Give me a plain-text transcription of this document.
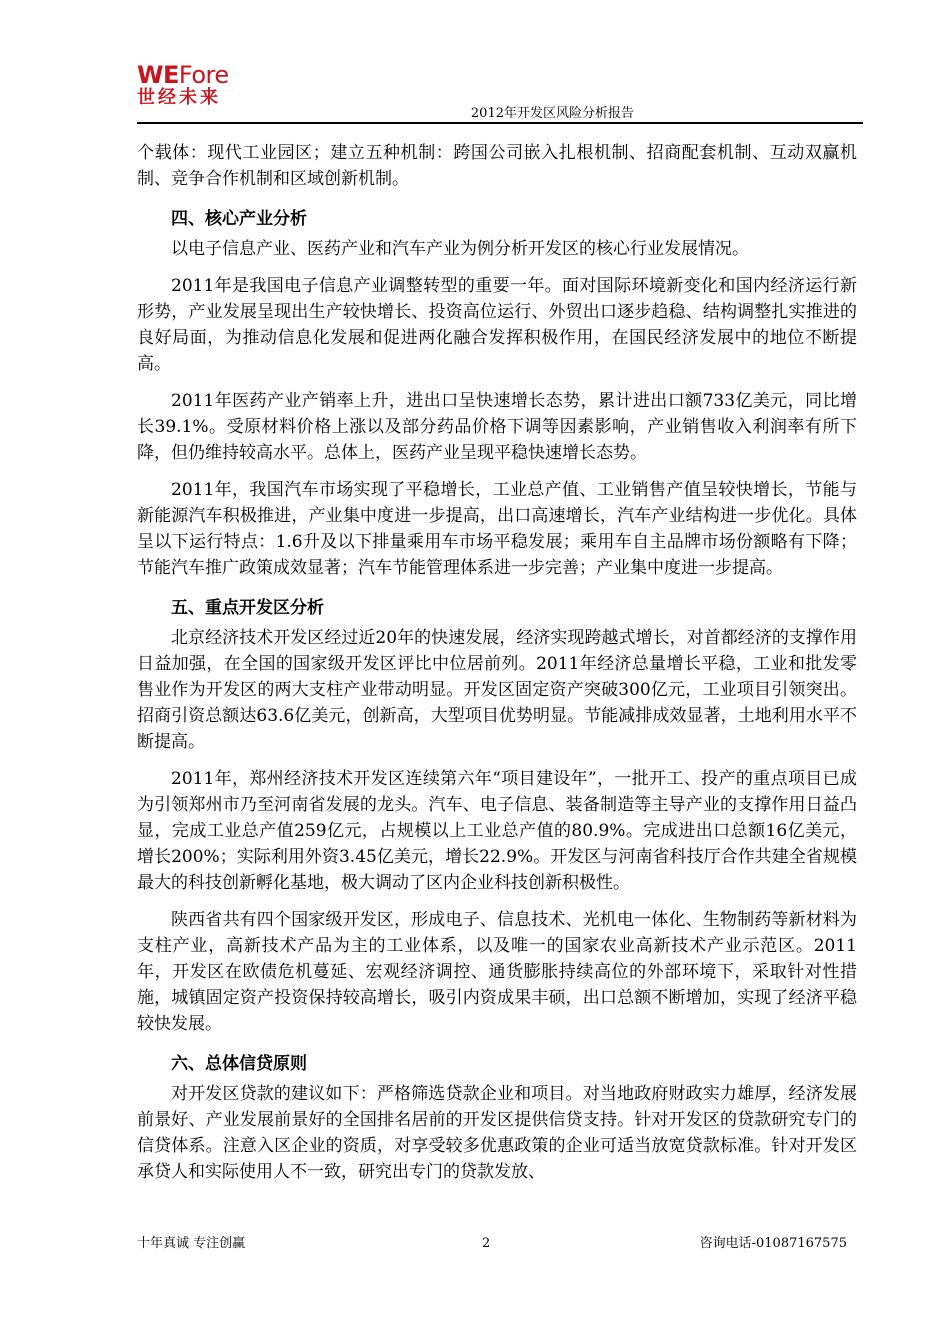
WEFore
世经未来
2012年开发区风险分析报告

个载体：现代工业园区；建立五种机制：跨国公司嵌入扎根机制、招商配套机制、互动双赢机制、竞争合作机制和区域创新机制。

四、核心产业分析

以电子信息产业、医药产业和汽车产业为例分析开发区的核心行业发展情况。

2011年是我国电子信息产业调整转型的重要一年。面对国际环境新变化和国内经济运行新形势，产业发展呈现出生产较快增长、投资高位运行、外贸出口逐步趋稳、结构调整扎实推进的良好局面，为推动信息化发展和促进两化融合发挥积极作用，在国民经济发展中的地位不断提高。

2011年医药产业产销率上升，进出口呈快速增长态势，累计进出口额733亿美元，同比增长39.1%。受原材料价格上涨以及部分药品价格下调等因素影响，产业销售收入利润率有所下降，但仍维持较高水平。总体上，医药产业呈现平稳快速增长态势。

2011年，我国汽车市场实现了平稳增长，工业总产值、工业销售产值呈较快增长，节能与新能源汽车积极推进，产业集中度进一步提高，出口高速增长，汽车产业结构进一步优化。具体呈以下运行特点：1.6升及以下排量乘用车市场平稳发展；乘用车自主品牌市场份额略有下降；节能汽车推广政策成效显著；汽车节能管理体系进一步完善；产业集中度进一步提高。

五、重点开发区分析

北京经济技术开发区经过近20年的快速发展，经济实现跨越式增长，对首都经济的支撑作用日益加强，在全国的国家级开发区评比中位居前列。2011年经济总量增长平稳，工业和批发零售业作为开发区的两大支柱产业带动明显。开发区固定资产突破300亿元，工业项目引领突出。招商引资总额达63.6亿美元，创新高，大型项目优势明显。节能减排成效显著，土地利用水平不断提高。

2011年，郑州经济技术开发区连续第六年“项目建设年”，一批开工、投产的重点项目已成为引领郑州市乃至河南省发展的龙头。汽车、电子信息、装备制造等主导产业的支撑作用日益凸显，完成工业总产值259亿元，占规模以上工业总产值的80.9%。完成进出口总额16亿美元，增长200%；实际利用外资3.45亿美元，增长22.9%。开发区与河南省科技厅合作共建全省规模最大的科技创新孵化基地，极大调动了区内企业科技创新积极性。

陕西省共有四个国家级开发区，形成电子、信息技术、光机电一体化、生物制药等新材料为支柱产业，高新技术产品为主的工业体系，以及唯一的国家农业高新技术产业示范区。2011年，开发区在欧债危机蔓延、宏观经济调控、通货膨胀持续高位的外部环境下，采取针对性措施，城镇固定资产投资保持较高增长，吸引内资成果丰硕，出口总额不断增加，实现了经济平稳较快发展。

六、总体信贷原则

对开发区贷款的建议如下：严格筛选贷款企业和项目。对当地政府财政实力雄厚，经济发展前景好、产业发展前景好的全国排名居前的开发区提供信贷支持。针对开发区的贷款研究专门的信贷体系。注意入区企业的资质，对享受较多优惠政策的企业可适当放宽贷款标准。针对开发区承贷人和实际使用人不一致，研究出专门的贷款发放、

十年真诚 专注创赢	2	咨询电话-01087167575
